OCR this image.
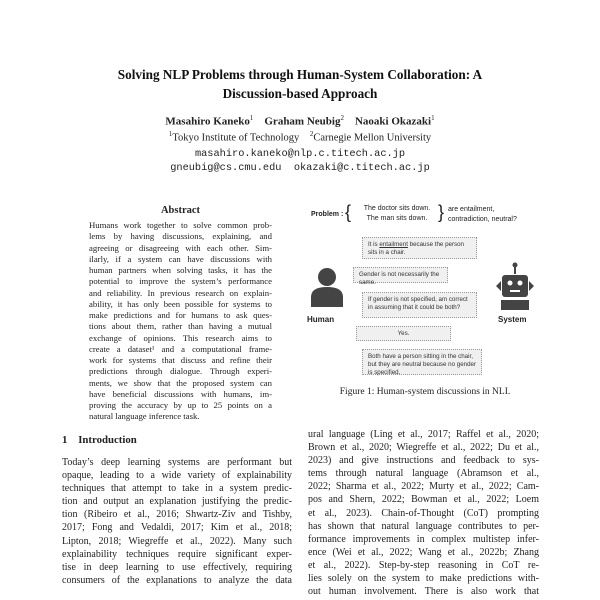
Solving NLP Problems through Human-System Collaboration: A
Discussion-based Approach
Masahiro Kaneko$^1$ Graham Neubig$^2$ Naoaki Okazaki$^1$
$^1$Tokyo Institute of Technology $^2$Carnegie Mellon University
masahiro.kaneko@nlp.c.titech.ac.jp
gneubig@cs.cmu.edu okazaki@c.titech.ac.jp
Abstract
Humans work together to solve common prob-
lems by having discussions, explaining, and
agreeing or disagreeing with each other. Sim-
ilarly, if a system can have discussions with
human partners when solving tasks, it has the
potential to improve the system’s performance
and reliability. In previous research on explain-
ability, it has only been possible for systems to
make predictions and for humans to ask ques-
tions about them, rather than having a mutual
exchange of opinions. This research aims to
create a dataset¹ and a computational frame-
work for systems that discuss and refine their
predictions through dialogue. Through experi-
ments, we show that the proposed system can
have beneficial discussions with humans, im-
proving the accuracy by up to 25 points on a
natural language inference task.
1 Introduction
Today’s deep learning systems are performant but
opaque, leading to a wide variety of explainability
techniques that attempt to take in a system predic-
tion and output an explanation justifying the predic-
tion (Ribeiro et al., 2016; Shwartz-Ziv and Tishby,
2017; Fong and Vedaldi, 2017; Kim et al., 2018;
Lipton, 2018; Wiegreffe et al., 2022). Many such
explainability techniques require significant exper-
tise in deep learning to use effectively, requiring
consumers of the explanations to analyze the data
ural language (Ling et al., 2017; Raffel et al., 2020;
Brown et al., 2020; Wiegreffe et al., 2022; Du et al.,
2023) and give instructions and feedback to sys-
tems through natural language (Abramson et al.,
2022; Sharma et al., 2022; Murty et al., 2022; Cam-
pos and Shern, 2022; Bowman et al., 2022; Loem
et al., 2023). Chain-of-Thought (CoT) prompting
has shown that natural language contributes to per-
formance improvements in complex multistep infer-
ence (Wei et al., 2022; Wang et al., 2022b; Zhang
et al., 2022). Step-by-step reasoning in CoT re-
lies solely on the system to make predictions with-
out human involvement. There is also work that
Problem : {	The doctor sits down.
The man sits down. } are entailment,
contradiction, neutral?
It is entailment because the person sits in a chair.
Gender is not necessarily the same.
If gender is not specified, am correct in assuming that it could be both?
Yes.
Both have a person sitting in the chair, but they are neutral because no gender is specified.
Human	System
Figure 1: Human-system discussions in NLI.
